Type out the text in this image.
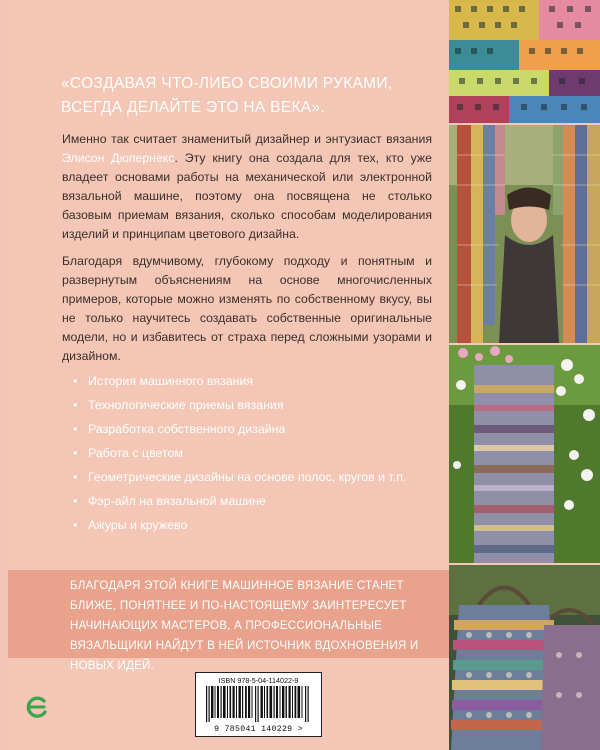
«СОЗДАВАЯ ЧТО-ЛИБО СВОИМИ РУКАМИ, ВСЕГДА ДЕЛАЙТЕ ЭТО НА ВЕКА».
Именно так считает знаменитый дизайнер и энтузиаст вязания Элисон Дюпернекс. Эту книгу она создала для тех, кто уже владеет основами работы на механической или электронной вязальной машине, поэтому она посвящена не столько базовым приемам вязания, сколько способам моделирования изделий и принципам цветового дизайна.
Благодаря вдумчивому, глубокому подходу и понятным и развернутым объяснениям на основе многочисленных примеров, которые можно изменять по собственному вкусу, вы не только научитесь создавать собственные оригинальные модели, но и избавитесь от страха перед сложными узорами и дизайном.
• История машинного вязания
• Технологические приемы вязания
• Разработка собственного дизайна
• Работа с цветом
• Геометрические дизайны на основе полос, кругов и т.п.
• Фэр-айл на вязальной машине
• Ажуры и кружево
БЛАГОДАРЯ ЭТОЙ КНИГЕ МАШИННОЕ ВЯЗАНИЕ СТАНЕТ БЛИЖЕ, ПОНЯТНЕЕ И ПО-НАСТОЯЩЕМУ ЗАИНТЕРЕСУЕТ НАЧИНАЮЩИХ МАСТЕРОВ, А ПРОФЕССИОНАЛЬНЫЕ ВЯЗАЛЬЩИКИ НАЙДУТ В НЕЙ ИСТОЧНИК ВДОХНОВЕНИЯ И НОВЫХ ИДЕЙ.
ISBN 978-5-04-114022-9
9 785041 140229 >
